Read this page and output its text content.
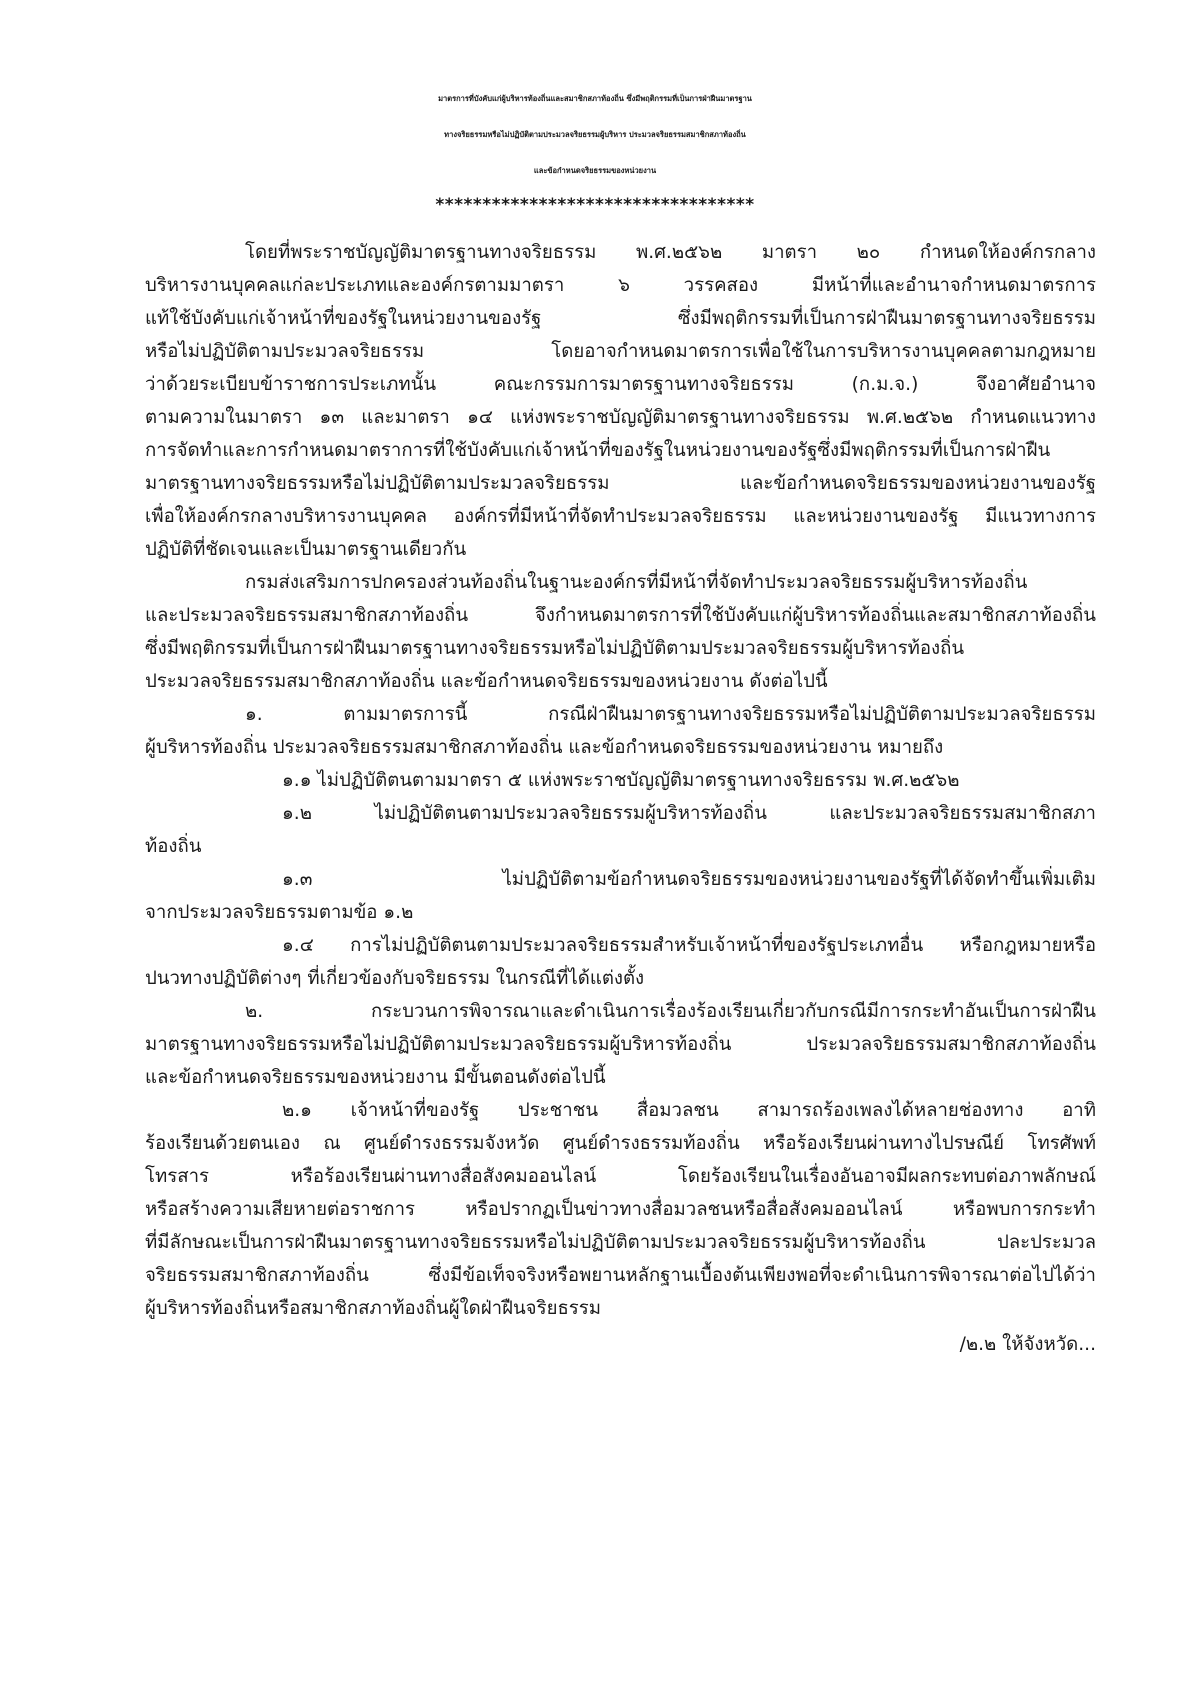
มาตรการที่บังคับแก่ผู้บริหารท้องถิ่นและสมาชิกสภาท้องถิ่น ซึ่งมีพฤติกรรมที่เป็นการฝ่าฝืนมาตรฐาน
ทางจริยธรรมหรือไม่ปฏิบัติตามประมวลจริยธรรมผู้บริหาร ประมวลจริยธรรมสมาชิกสภาท้องถิ่น
และข้อกำหนดจริยธรรมของหน่วยงาน
**********************************
โดยที่พระราชบัญญัติมาตรฐานทางจริยธรรม พ.ศ.๒๕๖๒ มาตรา ๒๐ กำหนดให้องค์กรกลาง
บริหารงานบุคคลแก่ละประเภทและองค์กรตามมาตรา ๖ วรรคสอง มีหน้าที่และอำนาจกำหนดมาตรการ
แท้ใช้บังคับแก่เจ้าหน้าที่ของรัฐในหน่วยงานของรัฐ ซึ่งมีพฤติกรรมที่เป็นการฝ่าฝืนมาตรฐานทางจริยธรรม
หรือไม่ปฏิบัติตามประมวลจริยธรรม โดยอาจกำหนดมาตรการเพื่อใช้ในการบริหารงานบุคคลตามกฎหมาย
ว่าด้วยระเบียบข้าราชการประเภทนั้น คณะกรรมการมาตรฐานทางจริยธรรม (ก.ม.จ.) จึงอาศัยอำนาจ
ตามความในมาตรา ๑๓ และมาตรา ๑๔ แห่งพระราชบัญญัติมาตรฐานทางจริยธรรม พ.ศ.๒๕๖๒ กำหนดแนวทาง
การจัดทำและการกำหนดมาตราการที่ใช้บังคับแก่เจ้าหน้าที่ของรัฐในหน่วยงานของรัฐซึ่งมีพฤติกรรมที่เป็นการฝ่าฝืน
มาตรฐานทางจริยธรรมหรือไม่ปฏิบัติตามประมวลจริยธรรม และข้อกำหนดจริยธรรมของหน่วยงานของรัฐ
เพื่อให้องค์กรกลางบริหารงานบุคคล องค์กรที่มีหน้าที่จัดทำประมวลจริยธรรม และหน่วยงานของรัฐ มีแนวทางการ
ปฏิบัติที่ชัดเจนและเป็นมาตรฐานเดียวกัน
กรมส่งเสริมการปกครองส่วนท้องถิ่นในฐานะองค์กรที่มีหน้าที่จัดทำประมวลจริยธรรมผู้บริหารท้องถิ่น
และประมวลจริยธรรมสมาชิกสภาท้องถิ่น จึงกำหนดมาตรการที่ใช้บังคับแก่ผู้บริหารท้องถิ่นและสมาชิกสภาท้องถิ่น
ซึ่งมีพฤติกรรมที่เป็นการฝ่าฝืนมาตรฐานทางจริยธรรมหรือไม่ปฏิบัติตามประมวลจริยธรรมผู้บริหารท้องถิ่น
ประมวลจริยธรรมสมาชิกสภาท้องถิ่น และข้อกำหนดจริยธรรมของหน่วยงาน ดังต่อไปนี้
๑. ตามมาตรการนี้ กรณีฝ่าฝืนมาตรฐานทางจริยธรรมหรือไม่ปฏิบัติตามประมวลจริยธรรม
ผู้บริหารท้องถิ่น ประมวลจริยธรรมสมาชิกสภาท้องถิ่น และข้อกำหนดจริยธรรมของหน่วยงาน หมายถึง
๑.๑ ไม่ปฏิบัติตนตามมาตรา ๕ แห่งพระราชบัญญัติมาตรฐานทางจริยธรรม พ.ศ.๒๕๖๒
๑.๒ ไม่ปฏิบัติตนตามประมวลจริยธรรมผู้บริหารท้องถิ่น และประมวลจริยธรรมสมาชิกสภา
ท้องถิ่น
๑.๓ ไม่ปฏิบัติตามข้อกำหนดจริยธรรมของหน่วยงานของรัฐที่ได้จัดทำขึ้นเพิ่มเติม
จากประมวลจริยธรรมตามข้อ ๑.๒
๑.๔ การไม่ปฏิบัติตนตามประมวลจริยธรรมสำหรับเจ้าหน้าที่ของรัฐประเภทอื่น หรือกฎหมายหรือ
ปนวทางปฏิบัติต่างๆ ที่เกี่ยวข้องกับจริยธรรม ในกรณีที่ได้แต่งตั้ง
๒. กระบวนการพิจารณาและดำเนินการเรื่องร้องเรียนเกี่ยวกับกรณีมีการกระทำอันเป็นการฝ่าฝืน
มาตรฐานทางจริยธรรมหรือไม่ปฏิบัติตามประมวลจริยธรรมผู้บริหารท้องถิ่น ประมวลจริยธรรมสมาชิกสภาท้องถิ่น
และข้อกำหนดจริยธรรมของหน่วยงาน มีขั้นตอนดังต่อไปนี้
๒.๑ เจ้าหน้าที่ของรัฐ ประชาชน สื่อมวลชน สามารถร้องเพลงได้หลายช่องทาง อาทิ
ร้องเรียนด้วยตนเอง ณ ศูนย์ดำรงธรรมจังหวัด ศูนย์ดำรงธรรมท้องถิ่น หรือร้องเรียนผ่านทางไปรษณีย์ โทรศัพท์
โทรสาร หรือร้องเรียนผ่านทางสื่อสังคมออนไลน์ โดยร้องเรียนในเรื่องอันอาจมีผลกระทบต่อภาพลักษณ์
หรือสร้างความเสียหายต่อราชการ หรือปรากฏเป็นข่าวทางสื่อมวลชนหรือสื่อสังคมออนไลน์ หรือพบการกระทำ
ที่มีลักษณะเป็นการฝ่าฝืนมาตรฐานทางจริยธรรมหรือไม่ปฏิบัติตามประมวลจริยธรรมผู้บริหารท้องถิ่น ปละประมวล
จริยธรรมสมาชิกสภาท้องถิ่น ซึ่งมีข้อเท็จจริงหรือพยานหลักฐานเบื้องต้นเพียงพอที่จะดำเนินการพิจารณาต่อไปได้ว่า
ผู้บริหารท้องถิ่นหรือสมาชิกสภาท้องถิ่นผู้ใดฝ่าฝืนจริยธรรม
/๒.๒ ให้จังหวัด...
